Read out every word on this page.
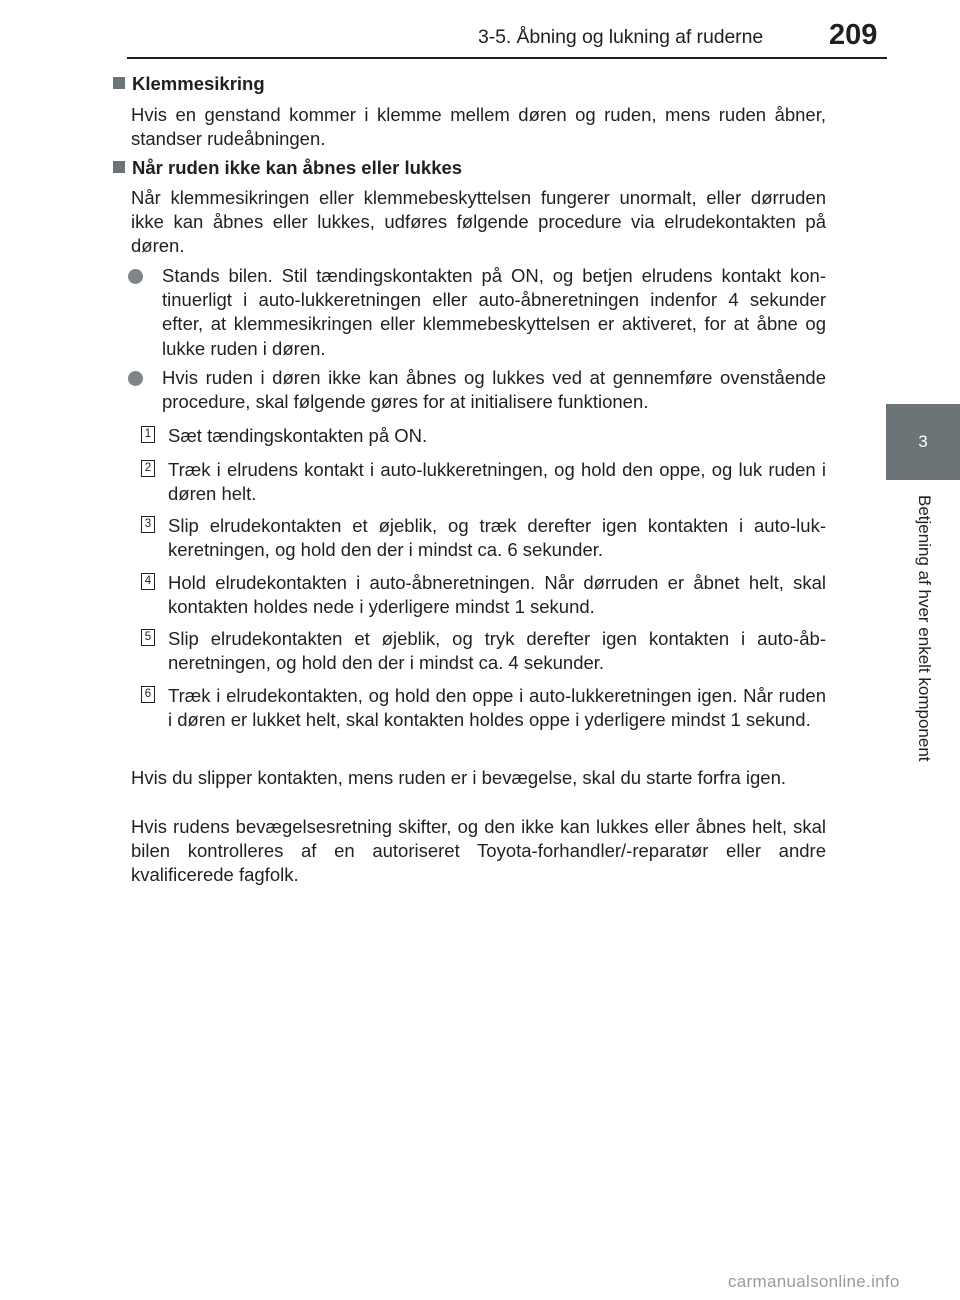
3-5. Åbning og lukning af ruderne 209
3
Betjening af hver enkelt komponent
Klemmesikring
Hvis en genstand kommer i klemme mellem døren og ruden, mens ruden åbner, standser rudeåbningen.
Når ruden ikke kan åbnes eller lukkes
Når klemmesikringen eller klemmebeskyttelsen fungerer unormalt, eller dørruden ikke kan åbnes eller lukkes, udføres følgende procedure via elrudekontakten på døren.
Stands bilen. Stil tændingskontakten på ON, og betjen elrudens kontakt kontinuerligt i auto-lukkeretningen eller auto-åbneretningen indenfor 4 sekunder efter, at klemmesikringen eller klemmebeskyttelsen er aktiveret, for at åbne og lukke ruden i døren.
Hvis ruden i døren ikke kan åbnes og lukkes ved at gennemføre ovenstående procedure, skal følgende gøres for at initialisere funktionen.
1 Sæt tændingskontakten på ON.
2 Træk i elrudens kontakt i auto-lukkeretningen, og hold den oppe, og luk ruden i døren helt.
3 Slip elrudekontakten et øjeblik, og træk derefter igen kontakten i auto-lukkeretningen, og hold den der i mindst ca. 6 sekunder.
4 Hold elrudekontakten i auto-åbneretningen. Når dørruden er åbnet helt, skal kontakten holdes nede i yderligere mindst 1 sekund.
5 Slip elrudekontakten et øjeblik, og tryk derefter igen kontakten i auto-åbneretningen, og hold den der i mindst ca. 4 sekunder.
6 Træk i elrudekontakten, og hold den oppe i auto-lukkeretningen igen. Når ruden i døren er lukket helt, skal kontakten holdes oppe i yderligere mindst 1 sekund.
Hvis du slipper kontakten, mens ruden er i bevægelse, skal du starte forfra igen.
Hvis rudens bevægelsesretning skifter, og den ikke kan lukkes eller åbnes helt, skal bilen kontrolleres af en autoriseret Toyota-forhandler/-reparatør eller andre kvalificerede fagfolk.
carmanualsonline.info
